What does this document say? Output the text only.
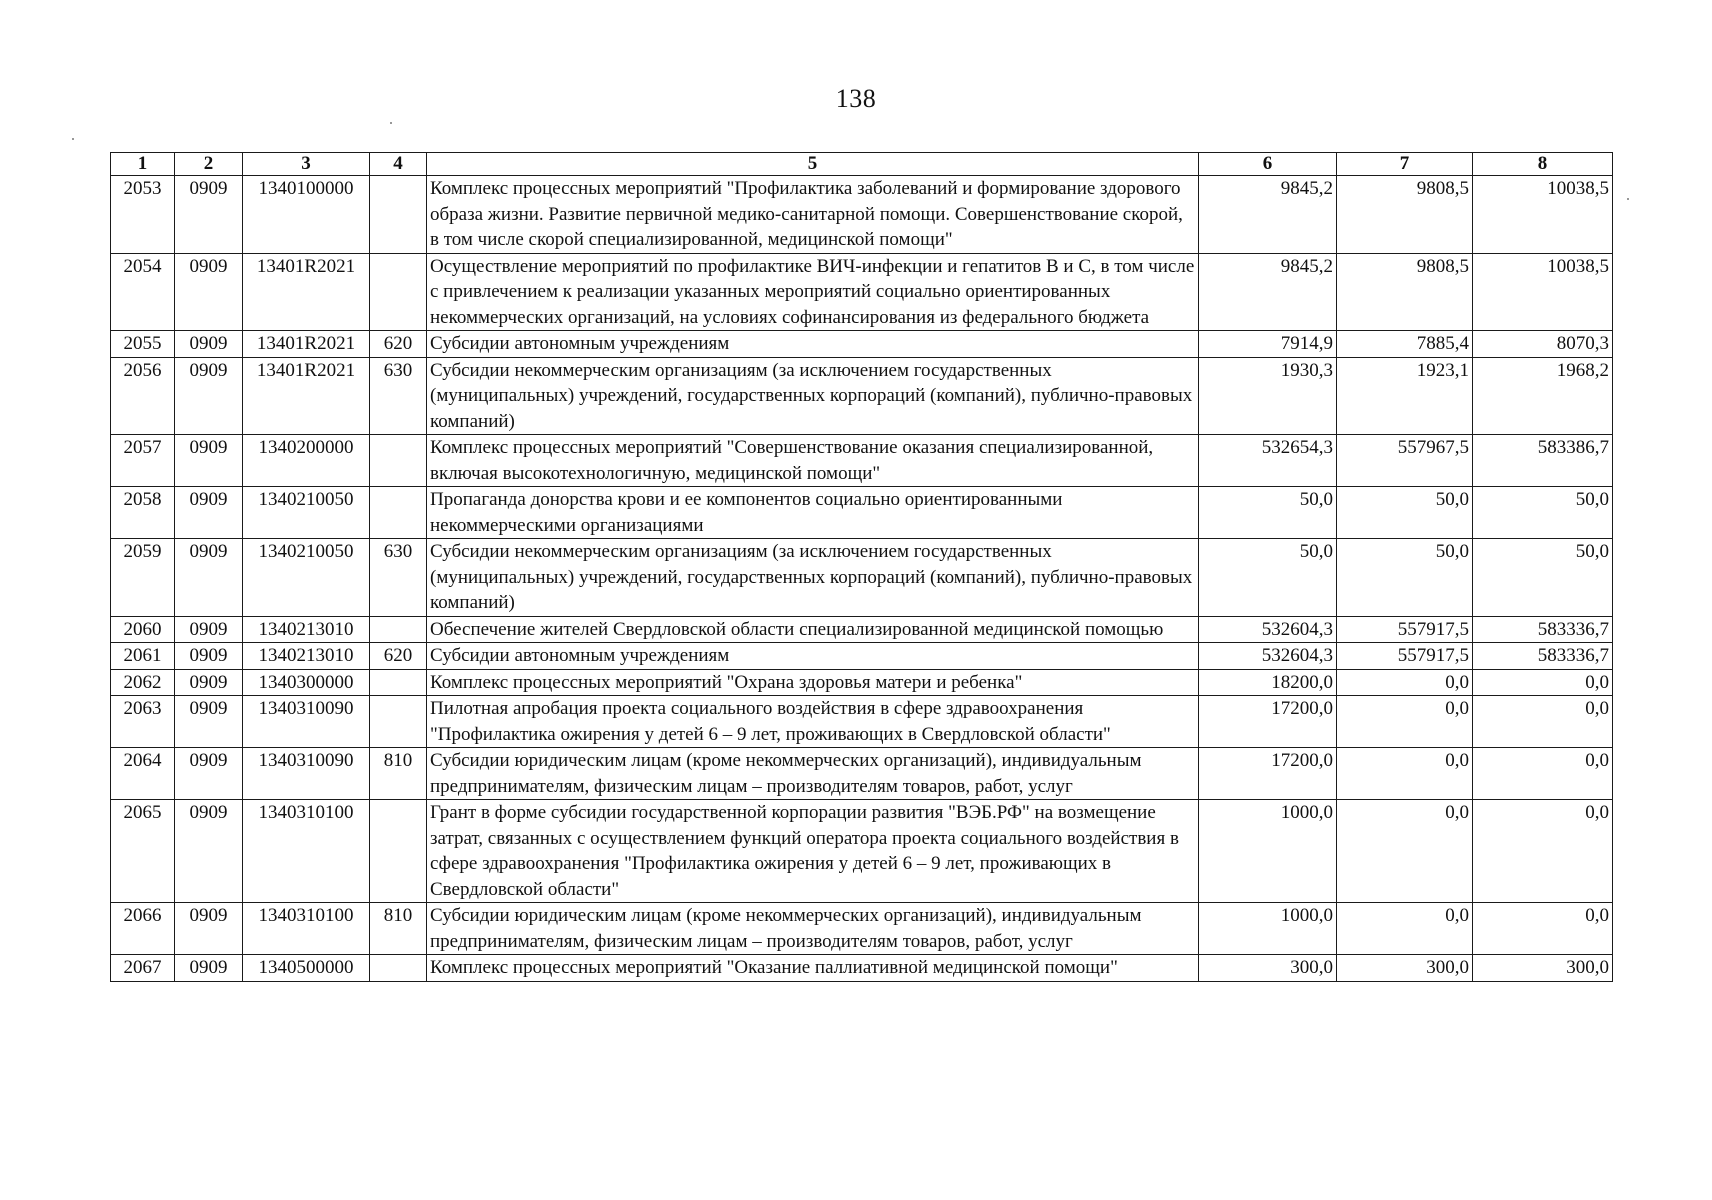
138
1	2	3	4	5	6	7	8
2053	0909	1340100000		Комплекс процессных мероприятий "Профилактика заболеваний и формирование здорового образа жизни. Развитие первичной медико-санитарной помощи. Совершенствование скорой, в том числе скорой специализированной, медицинской помощи"	9845,2	9808,5	10038,5
2054	0909	13401R2021		Осуществление мероприятий по профилактике ВИЧ-инфекции и гепатитов B и C, в том числе с привлечением к реализации указанных мероприятий социально ориентированных некоммерческих организаций, на условиях софинансирования из федерального бюджета	9845,2	9808,5	10038,5
2055	0909	13401R2021	620	Субсидии автономным учреждениям	7914,9	7885,4	8070,3
2056	0909	13401R2021	630	Субсидии некоммерческим организациям (за исключением государственных (муниципальных) учреждений, государственных корпораций (компаний), публично-правовых компаний)	1930,3	1923,1	1968,2
2057	0909	1340200000		Комплекс процессных мероприятий "Совершенствование оказания специализированной, включая высокотехнологичную, медицинской помощи"	532654,3	557967,5	583386,7
2058	0909	1340210050		Пропаганда донорства крови и ее компонентов социально ориентированными некоммерческими организациями	50,0	50,0	50,0
2059	0909	1340210050	630	Субсидии некоммерческим организациям (за исключением государственных (муниципальных) учреждений, государственных корпораций (компаний), публично-правовых компаний)	50,0	50,0	50,0
2060	0909	1340213010		Обеспечение жителей Свердловской области специализированной медицинской помощью	532604,3	557917,5	583336,7
2061	0909	1340213010	620	Субсидии автономным учреждениям	532604,3	557917,5	583336,7
2062	0909	1340300000		Комплекс процессных мероприятий "Охрана здоровья матери и ребенка"	18200,0	0,0	0,0
2063	0909	1340310090		Пилотная апробация проекта социального воздействия в сфере здравоохранения "Профилактика ожирения у детей 6 – 9 лет, проживающих в Свердловской области"	17200,0	0,0	0,0
2064	0909	1340310090	810	Субсидии юридическим лицам (кроме некоммерческих организаций), индивидуальным предпринимателям, физическим лицам – производителям товаров, работ, услуг	17200,0	0,0	0,0
2065	0909	1340310100		Грант в форме субсидии государственной корпорации развития "ВЭБ.РФ" на возмещение затрат, связанных с осуществлением функций оператора проекта социального воздействия в сфере здравоохранения "Профилактика ожирения у детей 6 – 9 лет, проживающих в Свердловской области"	1000,0	0,0	0,0
2066	0909	1340310100	810	Субсидии юридическим лицам (кроме некоммерческих организаций), индивидуальным предпринимателям, физическим лицам – производителям товаров, работ, услуг	1000,0	0,0	0,0
2067	0909	1340500000		Комплекс процессных мероприятий "Оказание паллиативной медицинской помощи"	300,0	300,0	300,0
